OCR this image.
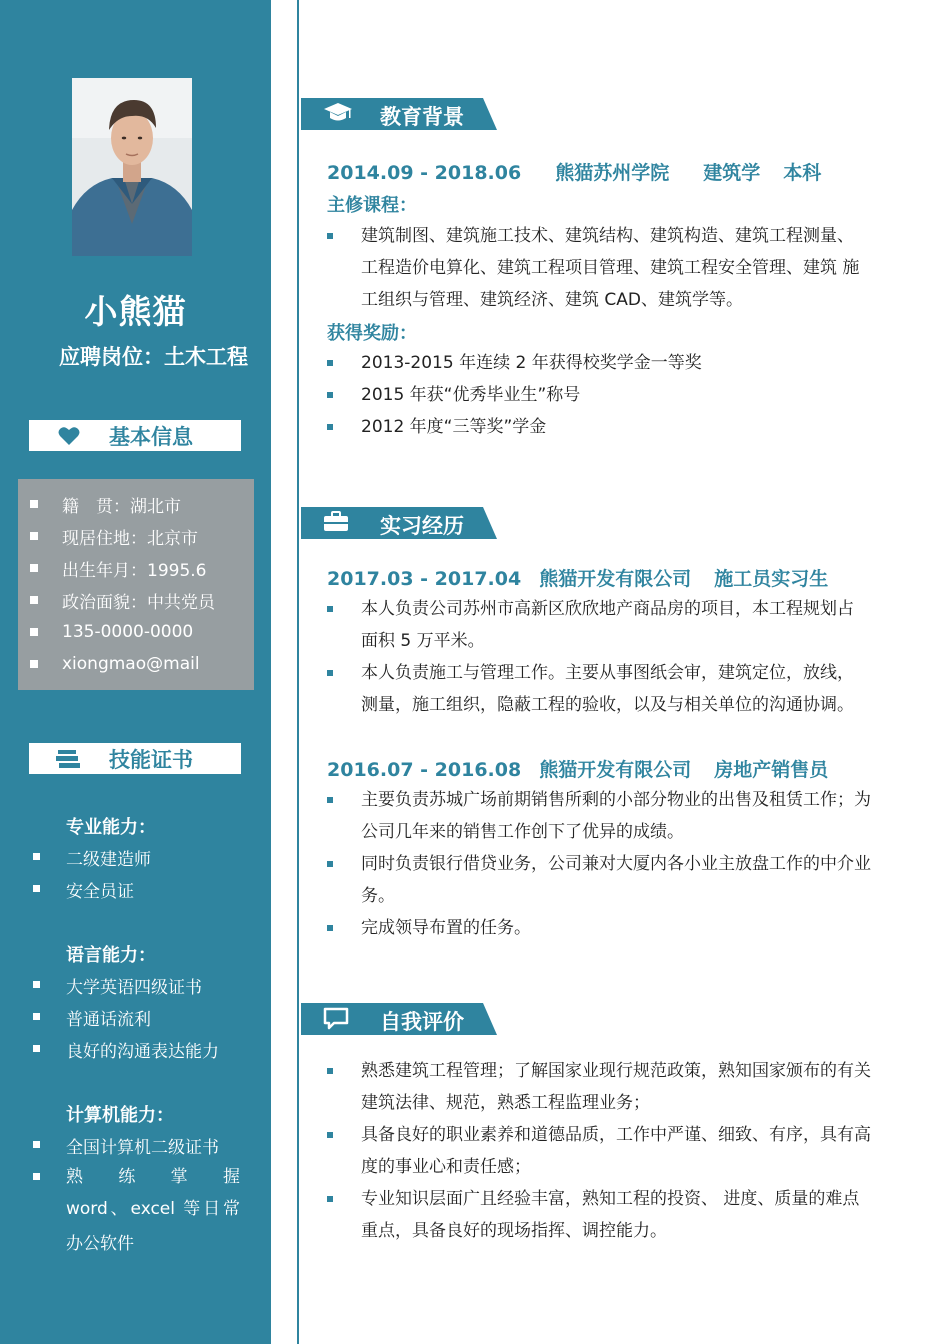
小熊猫
应聘岗位：土木工程
基本信息
籍　贯：湖北市
现居住地：北京市
出生年月：1995.6
政治面貌：中共党员
135-0000-0000
xiongmao@mail
技能证书
专业能力：
二级建造师
安全员证
语言能力：
大学英语四级证书
普通话流利
良好的沟通表达能力
计算机能力：
全国计算机二级证书
熟练掌握
word、excel 等日常
办公软件
教育背景
2014.09 - 2018.06 熊猫苏州学院 建筑学 本科
主修课程：
建筑制图、建筑施工技术、建筑结构、建筑构造、建筑工程测量、
工程造价电算化、建筑工程项目管理、建筑工程安全管理、建筑 施
工组织与管理、建筑经济、建筑 CAD、建筑学等。
获得奖励：
2013-2015 年连续 2 年获得校奖学金一等奖
2015 年获“优秀毕业生”称号
2012 年度“三等奖”学金
实习经历
2017.03 - 2017.04 熊猫开发有限公司 施工员实习生
本人负责公司苏州市高新区欣欣地产商品房的项目，本工程规划占
面积 5 万平米。
本人负责施工与管理工作。主要从事图纸会审，建筑定位，放线，
测量，施工组织，隐蔽工程的验收，以及与相关单位的沟通协调。
2016.07 - 2016.08 熊猫开发有限公司 房地产销售员
主要负责苏城广场前期销售所剩的小部分物业的出售及租赁工作；为
公司几年来的销售工作创下了优异的成绩。
同时负责银行借贷业务，公司兼对大厦内各小业主放盘工作的中介业
务。
完成领导布置的任务。
自我评价
熟悉建筑工程管理；了解国家业现行规范政策，熟知国家颁布的有关
建筑法律、规范，熟悉工程监理业务；
具备良好的职业素养和道德品质，工作中严谨、细致、有序，具有高
度的事业心和责任感；
专业知识层面广且经验丰富，熟知工程的投资、 进度、质量的难点
重点，具备良好的现场指挥、调控能力。
